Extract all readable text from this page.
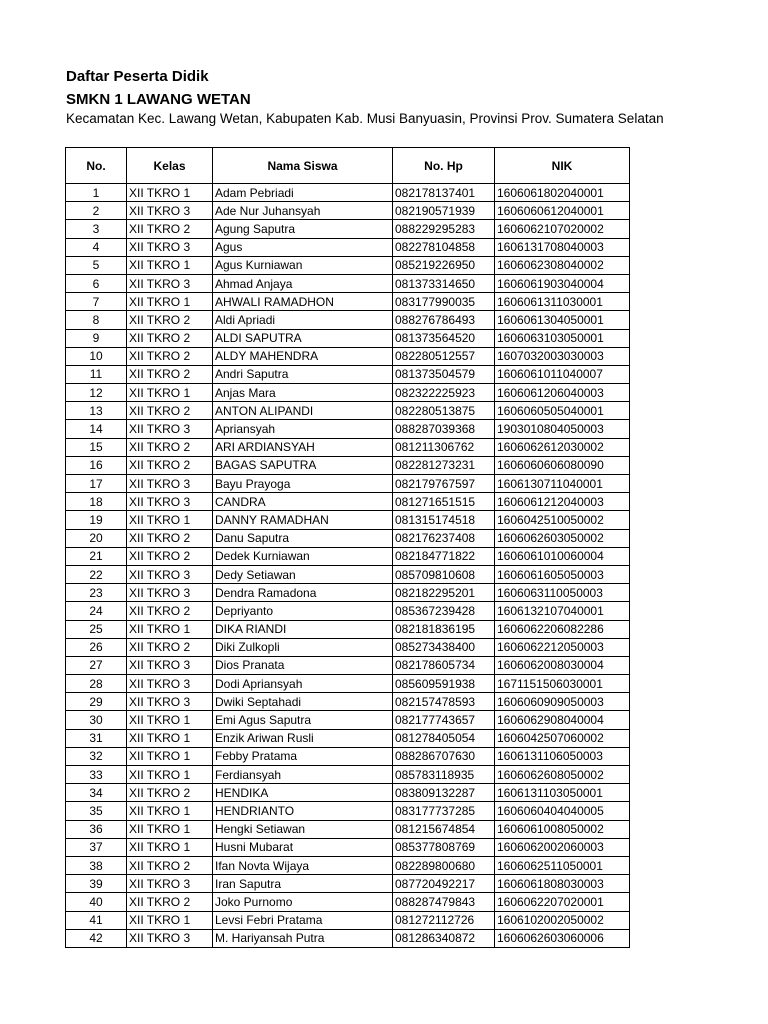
Daftar Peserta Didik
SMKN 1 LAWANG WETAN
Kecamatan Kec. Lawang Wetan, Kabupaten Kab. Musi Banyuasin, Provinsi Prov. Sumatera Selatan
No.	Kelas	Nama Siswa	No. Hp	NIK
1	XII TKRO 1	Adam Pebriadi	082178137401	1606061802040001
2	XII TKRO 3	Ade Nur Juhansyah	082190571939	1606060612040001
3	XII TKRO 2	Agung Saputra	088229295283	1606062107020002
4	XII TKRO 3	Agus	082278104858	1606131708040003
5	XII TKRO 1	Agus Kurniawan	085219226950	1606062308040002
6	XII TKRO 3	Ahmad Anjaya	081373314650	1606061903040004
7	XII TKRO 1	AHWALI RAMADHON	083177990035	1606061311030001
8	XII TKRO 2	Aldi Apriadi	088276786493	1606061304050001
9	XII TKRO 2	ALDI SAPUTRA	081373564520	1606063103050001
10	XII TKRO 2	ALDY MAHENDRA	082280512557	1607032003030003
11	XII TKRO 2	Andri Saputra	081373504579	1606061011040007
12	XII TKRO 1	Anjas Mara	082322225923	1606061206040003
13	XII TKRO 2	ANTON ALIPANDI	082280513875	1606060505040001
14	XII TKRO 3	Apriansyah	088287039368	1903010804050003
15	XII TKRO 2	ARI ARDIANSYAH	081211306762	1606062612030002
16	XII TKRO 2	BAGAS SAPUTRA	082281273231	1606060606080090
17	XII TKRO 3	Bayu Prayoga	082179767597	1606130711040001
18	XII TKRO 3	CANDRA	081271651515	1606061212040003
19	XII TKRO 1	DANNY RAMADHAN	081315174518	1606042510050002
20	XII TKRO 2	Danu Saputra	082176237408	1606062603050002
21	XII TKRO 2	Dedek Kurniawan	082184771822	1606061010060004
22	XII TKRO 3	Dedy Setiawan	085709810608	1606061605050003
23	XII TKRO 3	Dendra Ramadona	082182295201	1606063110050003
24	XII TKRO 2	Depriyanto	085367239428	1606132107040001
25	XII TKRO 1	DIKA RIANDI	082181836195	1606062206082286
26	XII TKRO 2	Diki Zulkopli	085273438400	1606062212050003
27	XII TKRO 3	Dios Pranata	082178605734	1606062008030004
28	XII TKRO 3	Dodi Apriansyah	085609591938	1671151506030001
29	XII TKRO 3	Dwiki Septahadi	082157478593	1606060909050003
30	XII TKRO 1	Emi Agus Saputra	082177743657	1606062908040004
31	XII TKRO 1	Enzik Ariwan Rusli	081278405054	1606042507060002
32	XII TKRO 1	Febby Pratama	088286707630	1606131106050003
33	XII TKRO 1	Ferdiansyah	085783118935	1606062608050002
34	XII TKRO 2	HENDIKA	083809132287	1606131103050001
35	XII TKRO 1	HENDRIANTO	083177737285	1606060404040005
36	XII TKRO 1	Hengki Setiawan	081215674854	1606061008050002
37	XII TKRO 1	Husni Mubarat	085377808769	1606062002060003
38	XII TKRO 2	Ifan Novta Wijaya	082289800680	1606062511050001
39	XII TKRO 3	Iran Saputra	087720492217	1606061808030003
40	XII TKRO 2	Joko Purnomo	088287479843	1606062207020001
41	XII TKRO 1	Levsi Febri Pratama	081272112726	1606102002050002
42	XII TKRO 3	M. Hariyansah Putra	081286340872	1606062603060006
